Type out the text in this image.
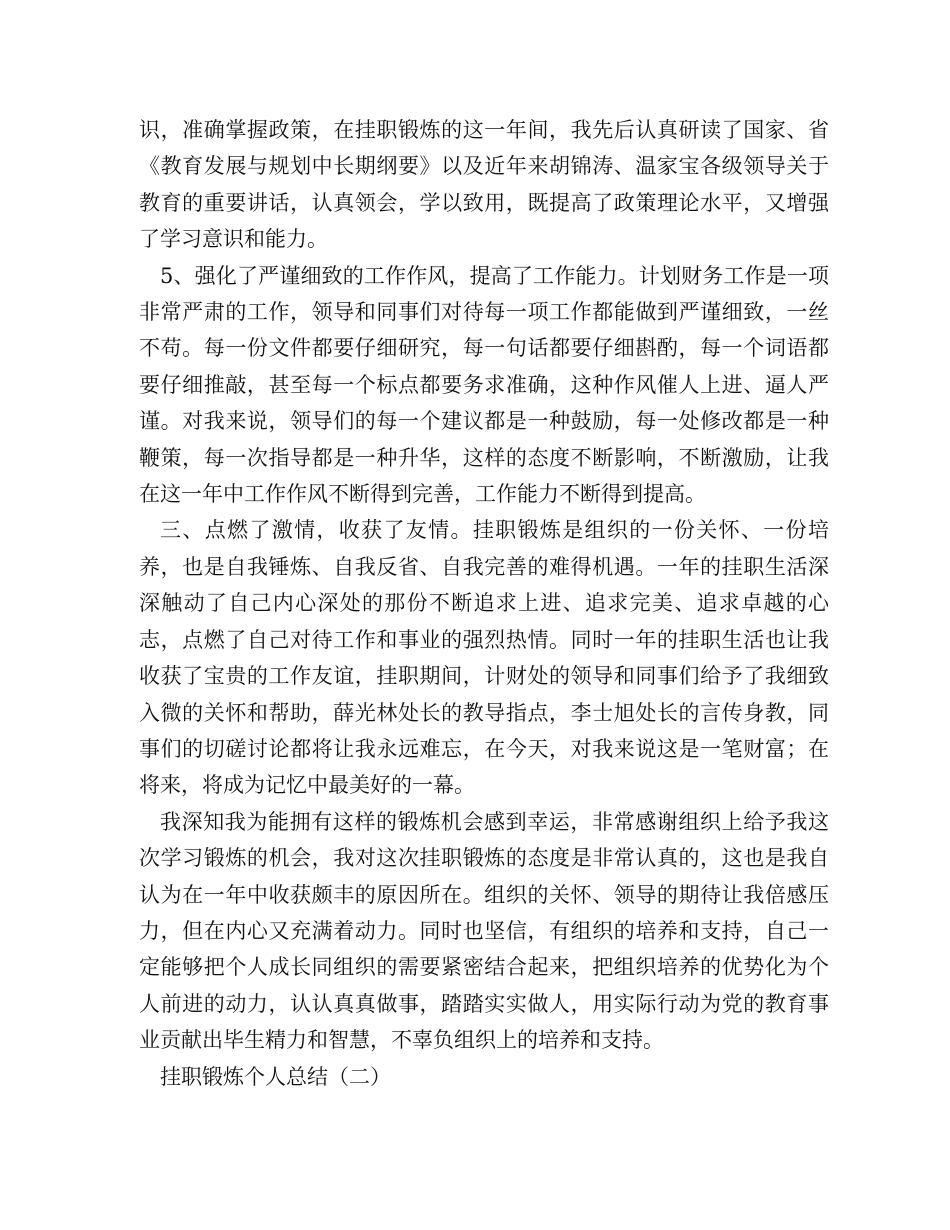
识，准确掌握政策，在挂职锻炼的这一年间，我先后认真研读了国家、省《教育发展与规划中长期纲要》以及近年来胡锦涛、温家宝各级领导关于教育的重要讲话，认真领会，学以致用，既提高了政策理论水平，又增强了学习意识和能力。

5、强化了严谨细致的工作作风，提高了工作能力。计划财务工作是一项非常严肃的工作，领导和同事们对待每一项工作都能做到严谨细致，一丝不苟。每一份文件都要仔细研究，每一句话都要仔细斟酌，每一个词语都要仔细推敲，甚至每一个标点都要务求准确，这种作风催人上进、逼人严谨。对我来说，领导们的每一个建议都是一种鼓励，每一处修改都是一种鞭策，每一次指导都是一种升华，这样的态度不断影响，不断激励，让我在这一年中工作作风不断得到完善，工作能力不断得到提高。

三、点燃了激情，收获了友情。挂职锻炼是组织的一份关怀、一份培养，也是自我锤炼、自我反省、自我完善的难得机遇。一年的挂职生活深深触动了自己内心深处的那份不断追求上进、追求完美、追求卓越的心志，点燃了自己对待工作和事业的强烈热情。同时一年的挂职生活也让我收获了宝贵的工作友谊，挂职期间，计财处的领导和同事们给予了我细致入微的关怀和帮助，薛光林处长的教导指点，李士旭处长的言传身教，同事们的切磋讨论都将让我永远难忘，在今天，对我来说这是一笔财富；在将来，将成为记忆中最美好的一幕。

我深知我为能拥有这样的锻炼机会感到幸运，非常感谢组织上给予我这次学习锻炼的机会，我对这次挂职锻炼的态度是非常认真的，这也是我自认为在一年中收获颇丰的原因所在。组织的关怀、领导的期待让我倍感压力，但在内心又充满着动力。同时也坚信，有组织的培养和支持，自己一定能够把个人成长同组织的需要紧密结合起来，把组织培养的优势化为个人前进的动力，认认真真做事，踏踏实实做人，用实际行动为党的教育事业贡献出毕生精力和智慧，不辜负组织上的培养和支持。

挂职锻炼个人总结（二）
